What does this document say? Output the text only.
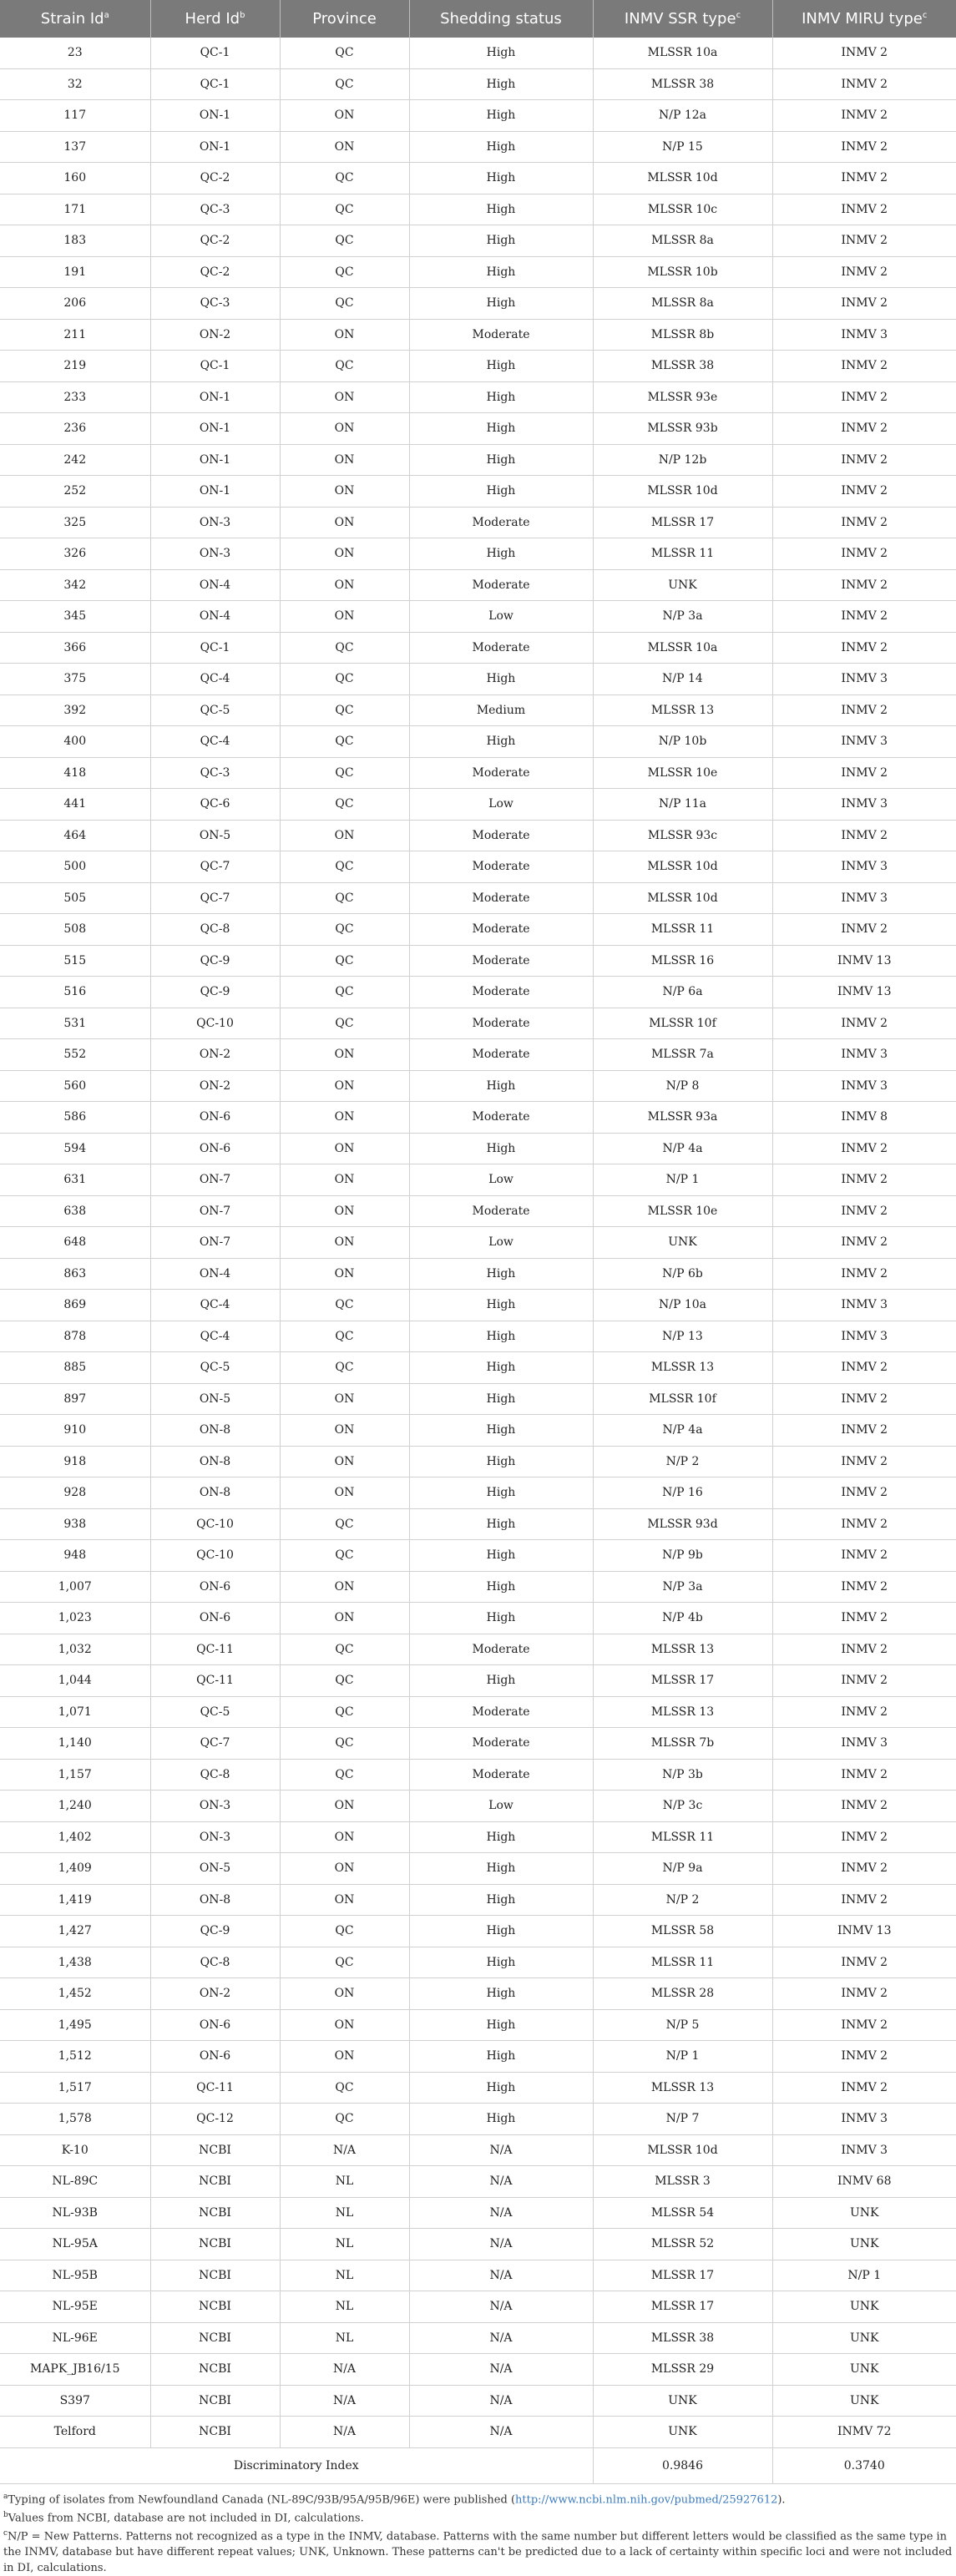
Strain Id$^a$	Herd Id$^b$	Province	Shedding status	INMV SSR type$^c$	INMV MIRU type$^c$
23	QC-1	QC	High	MLSSR 10a	INMV 2
32	QC-1	QC	High	MLSSR 38	INMV 2
117	ON-1	ON	High	N/P 12a	INMV 2
137	ON-1	ON	High	N/P 15	INMV 2
160	QC-2	QC	High	MLSSR 10d	INMV 2
171	QC-3	QC	High	MLSSR 10c	INMV 2
183	QC-2	QC	High	MLSSR 8a	INMV 2
191	QC-2	QC	High	MLSSR 10b	INMV 2
206	QC-3	QC	High	MLSSR 8a	INMV 2
211	ON-2	ON	Moderate	MLSSR 8b	INMV 3
219	QC-1	QC	High	MLSSR 38	INMV 2
233	ON-1	ON	High	MLSSR 93e	INMV 2
236	ON-1	ON	High	MLSSR 93b	INMV 2
242	ON-1	ON	High	N/P 12b	INMV 2
252	ON-1	ON	High	MLSSR 10d	INMV 2
325	ON-3	ON	Moderate	MLSSR 17	INMV 2
326	ON-3	ON	High	MLSSR 11	INMV 2
342	ON-4	ON	Moderate	UNK	INMV 2
345	ON-4	ON	Low	N/P 3a	INMV 2
366	QC-1	QC	Moderate	MLSSR 10a	INMV 2
375	QC-4	QC	High	N/P 14	INMV 3
392	QC-5	QC	Medium	MLSSR 13	INMV 2
400	QC-4	QC	High	N/P 10b	INMV 3
418	QC-3	QC	Moderate	MLSSR 10e	INMV 2
441	QC-6	QC	Low	N/P 11a	INMV 3
464	ON-5	ON	Moderate	MLSSR 93c	INMV 2
500	QC-7	QC	Moderate	MLSSR 10d	INMV 3
505	QC-7	QC	Moderate	MLSSR 10d	INMV 3
508	QC-8	QC	Moderate	MLSSR 11	INMV 2
515	QC-9	QC	Moderate	MLSSR 16	INMV 13
516	QC-9	QC	Moderate	N/P 6a	INMV 13
531	QC-10	QC	Moderate	MLSSR 10f	INMV 2
552	ON-2	ON	Moderate	MLSSR 7a	INMV 3
560	ON-2	ON	High	N/P 8	INMV 3
586	ON-6	ON	Moderate	MLSSR 93a	INMV 8
594	ON-6	ON	High	N/P 4a	INMV 2
631	ON-7	ON	Low	N/P 1	INMV 2
638	ON-7	ON	Moderate	MLSSR 10e	INMV 2
648	ON-7	ON	Low	UNK	INMV 2
863	ON-4	ON	High	N/P 6b	INMV 2
869	QC-4	QC	High	N/P 10a	INMV 3
878	QC-4	QC	High	N/P 13	INMV 3
885	QC-5	QC	High	MLSSR 13	INMV 2
897	ON-5	ON	High	MLSSR 10f	INMV 2
910	ON-8	ON	High	N/P 4a	INMV 2
918	ON-8	ON	High	N/P 2	INMV 2
928	ON-8	ON	High	N/P 16	INMV 2
938	QC-10	QC	High	MLSSR 93d	INMV 2
948	QC-10	QC	High	N/P 9b	INMV 2
1,007	ON-6	ON	High	N/P 3a	INMV 2
1,023	ON-6	ON	High	N/P 4b	INMV 2
1,032	QC-11	QC	Moderate	MLSSR 13	INMV 2
1,044	QC-11	QC	High	MLSSR 17	INMV 2
1,071	QC-5	QC	Moderate	MLSSR 13	INMV 2
1,140	QC-7	QC	Moderate	MLSSR 7b	INMV 3
1,157	QC-8	QC	Moderate	N/P 3b	INMV 2
1,240	ON-3	ON	Low	N/P 3c	INMV 2
1,402	ON-3	ON	High	MLSSR 11	INMV 2
1,409	ON-5	ON	High	N/P 9a	INMV 2
1,419	ON-8	ON	High	N/P 2	INMV 2
1,427	QC-9	QC	High	MLSSR 58	INMV 13
1,438	QC-8	QC	High	MLSSR 11	INMV 2
1,452	ON-2	ON	High	MLSSR 28	INMV 2
1,495	ON-6	ON	High	N/P 5	INMV 2
1,512	ON-6	ON	High	N/P 1	INMV 2
1,517	QC-11	QC	High	MLSSR 13	INMV 2
1,578	QC-12	QC	High	N/P 7	INMV 3
K-10	NCBI	N/A	N/A	MLSSR 10d	INMV 3
NL-89C	NCBI	NL	N/A	MLSSR 3	INMV 68
NL-93B	NCBI	NL	N/A	MLSSR 54	UNK
NL-95A	NCBI	NL	N/A	MLSSR 52	UNK
NL-95B	NCBI	NL	N/A	MLSSR 17	N/P 1
NL-95E	NCBI	NL	N/A	MLSSR 17	UNK
NL-96E	NCBI	NL	N/A	MLSSR 38	UNK
MAPK_JB16/15	NCBI	N/A	N/A	MLSSR 29	UNK
S397	NCBI	N/A	N/A	UNK	UNK
Telford	NCBI	N/A	N/A	UNK	INMV 72
Discriminatory Index				0.9846	0.3740

$^a$Typing of isolates from Newfoundland Canada (NL-89C/93B/95A/95B/96E) were published (http://www.ncbi.nlm.nih.gov/pubmed/25927612).

$^b$Values from NCBI, database are not included in DI, calculations.

$^c$N/P = New Patterns. Patterns not recognized as a type in the INMV, database. Patterns with the same number but different letters would be classified as the same type in the INMV, database but have different repeat values; UNK, Unknown. These patterns can't be predicted due to a lack of certainty within specific loci and were not included in DI, calculations.
